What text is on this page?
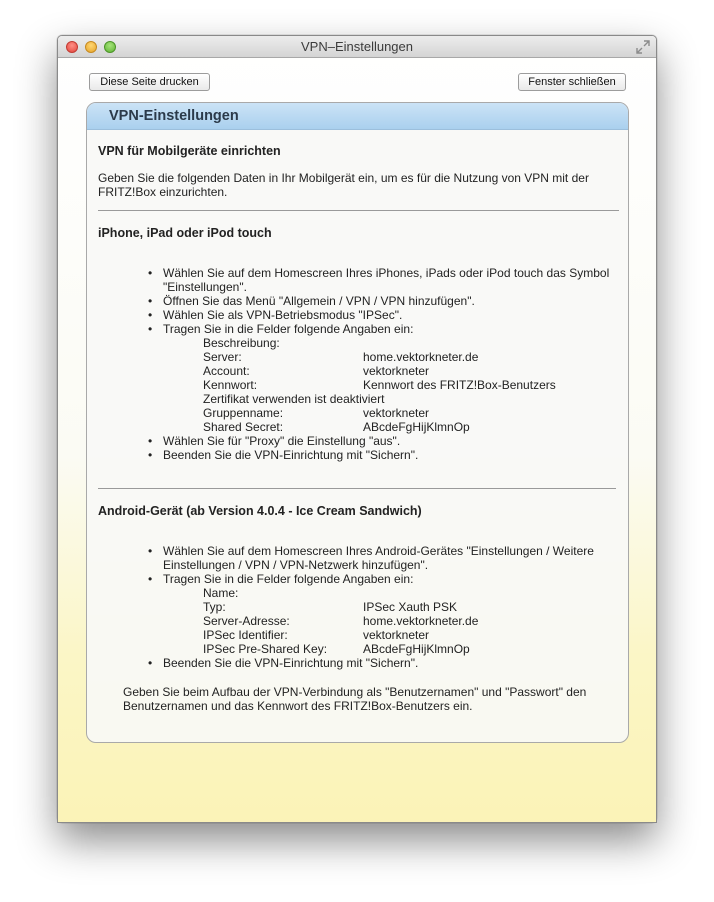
VPN–Einstellungen
Diese Seite drucken	Fenster schließen
VPN-Einstellungen
VPN für Mobilgeräte einrichten
Geben Sie die folgenden Daten in Ihr Mobilgerät ein, um es für die Nutzung von VPN mit der FRITZ!Box einzurichten.
iPhone, iPad oder iPod touch
• Wählen Sie auf dem Homescreen Ihres iPhones, iPads oder iPod touch das Symbol "Einstellungen".
• Öffnen Sie das Menü "Allgemein / VPN / VPN hinzufügen".
• Wählen Sie als VPN-Betriebsmodus "IPSec".
• Tragen Sie in die Felder folgende Angaben ein:
Beschreibung:
Server:	home.vektorkneter.de
Account:	vektorkneter
Kennwort:	Kennwort des FRITZ!Box-Benutzers
Zertifikat verwenden ist deaktiviert
Gruppenname:	vektorkneter
Shared Secret:	ABcdeFgHijKlmnOp
• Wählen Sie für "Proxy" die Einstellung "aus".
• Beenden Sie die VPN-Einrichtung mit "Sichern".
Android-Gerät (ab Version 4.0.4 - Ice Cream Sandwich)
• Wählen Sie auf dem Homescreen Ihres Android-Gerätes "Einstellungen / Weitere Einstellungen / VPN / VPN-Netzwerk hinzufügen".
• Tragen Sie in die Felder folgende Angaben ein:
Name:
Typ:	IPSec Xauth PSK
Server-Adresse:	home.vektorkneter.de
IPSec Identifier:	vektorkneter
IPSec Pre-Shared Key:	ABcdeFgHijKlmnOp
• Beenden Sie die VPN-Einrichtung mit "Sichern".
Geben Sie beim Aufbau der VPN-Verbindung als "Benutzernamen" und "Passwort" den Benutzernamen und das Kennwort des FRITZ!Box-Benutzers ein.
